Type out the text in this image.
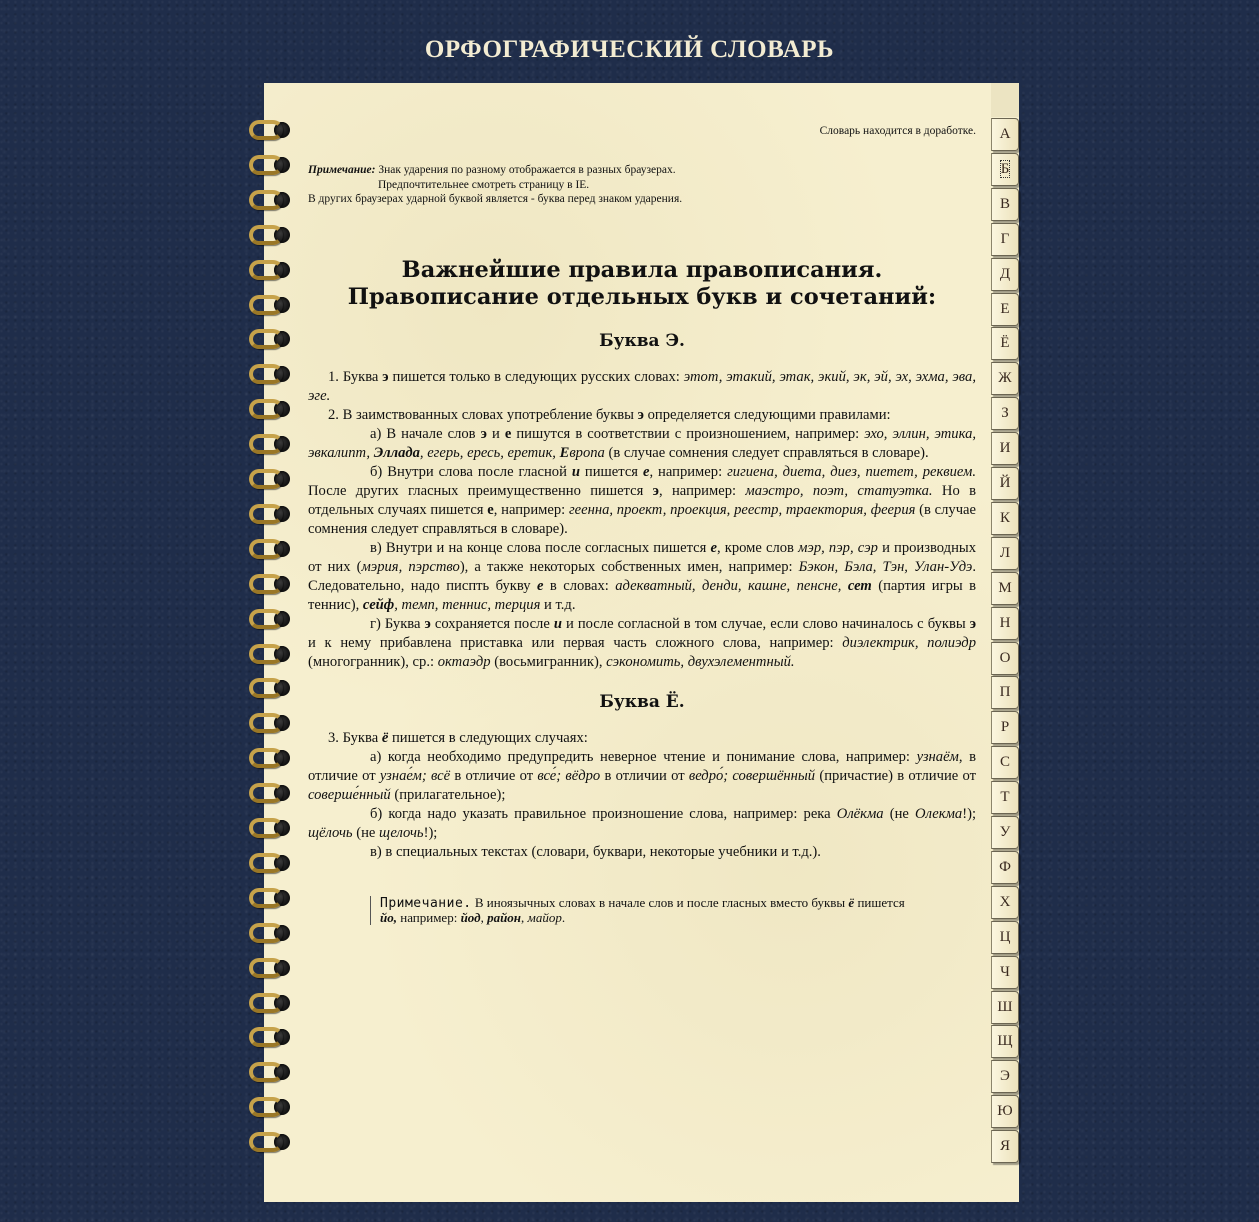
ОРФОГРАФИЧЕСКИЙ СЛОВАРЬ

Словарь находится в доработке.

Примечание: Знак ударения по разному отображается в разных браузерах.
Предпочтительнее смотреть страницу в IE.
В других браузерах ударной буквой является - буква перед знаком ударения.
Важнейшие правила правописания.
Правописание отдельных букв и сочетаний:
Буква Э.

1. Буква э пишется только в следующих русских словах: этот, этакий, этак, экий, эк, эй, эх, эхма, эва, эге.

2. В заимствованных словах употребление буквы э определяется следующими правилами:

а) В начале слов э и е пишутся в соответствии с произношением, например: эхо, эллин, этика, эвкалипт, Эллада, егерь, ересь, еретик, Европа (в случае сомнения следует справляться в словаре).

б) Внутри слова после гласной и пишется е, например: гигиена, диета, диез, пиетет, реквием. После других гласных преимущественно пишется э, например: маэстро, поэт, статуэтка. Но в отдельных случаях пишется е, например: геенна, проект, проекция, реестр, траектория, феерия (в случае сомнения следует справляться в словаре).

в) Внутри и на конце слова после согласных пишется е, кроме слов мэр, пэр, сэр и производных от них (мэрия, пэрство), а также некоторых собственных имен, например: Бэкон, Бэла, Тэн, Улан-Удэ. Следовательно, надо писпть букву е в словах: адекватный, денди, кашне, пенсне, сет (партия игры в теннис), сейф, темп, теннис, терция и т.д.

г) Буква э сохраняется после и и после согласной в том случае, если слово начиналось с буквы э и к нему прибавлена приставка или первая часть сложного слова, например: диэлектрик, полиэдр (многогранник), ср.: октаэдр (восьмигранник), сэкономить, двухэлементный.

Буква Ё.

3. Буква ё пишется в следующих случаях:

а) когда необходимо предупредить неверное чтение и понимание слова, например: узнаём, в отличие от узнае́м; всё в отличие от все́; вёдро в отличии от ведро́; совершённый (причастие) в отличие от соверше́нный (прилагательное);

б) когда надо указать правильное произношение слова, например: река Олёкма (не Олекма!); щёлочь (не щелочь!);

в) в специальных текстах (словари, буквари, некоторые учебники и т.д.).

Примечание. В иноязычных словах в начале слов и после гласных вместо буквы ё пишется йо, например: йод, район, майор.
А
Б
В
Г
Д
Е
Ё
Ж
З
И
Й
К
Л
М
Н
О
П
Р
С
Т
У
Ф
Х
Ц
Ч
Ш
Щ
Э
Ю
Я
